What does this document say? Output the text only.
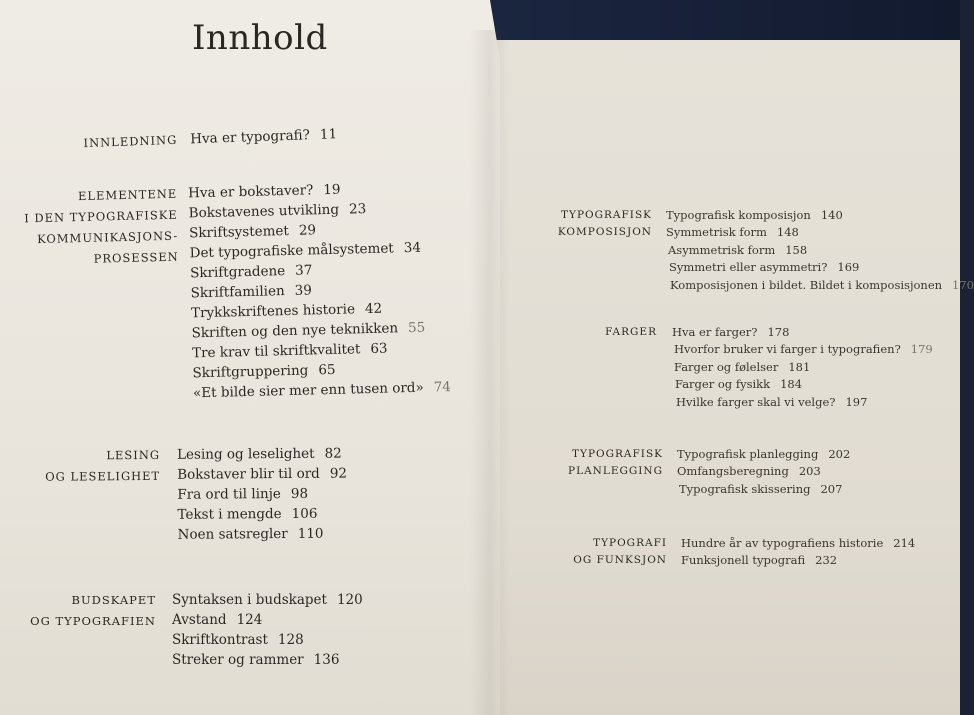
Innhold
INNLEDNING Hva er typografi? 11
ELEMENTENE
I DEN TYPOGRAFISKE
KOMMUNIKASJONS-
PROSESSEN
Hva er bokstaver? 19
Bokstavenes utvikling 23
Skriftsystemet 29
Det typografiske målsystemet 34
Skriftgradene 37
Skriftfamilien 39
Trykkskriftenes historie 42
Skriften og den nye teknikken 55
Tre krav til skriftkvalitet 63
Skriftgruppering 65
«Et bilde sier mer enn tusen ord» 74
LESING
OG LESELIGHET
Lesing og leselighet 82
Bokstaver blir til ord 92
Fra ord til linje 98
Tekst i mengde 106
Noen satsregler 110
BUDSKAPET
OG TYPOGRAFIEN
Syntaksen i budskapet 120
Avstand 124
Skriftkontrast 128
Streker og rammer 136
TYPOGRAFISK
KOMPOSISJON
Typografisk komposisjon 140
Symmetrisk form 148
Asymmetrisk form 158
Symmetri eller asymmetri? 169
Komposisjonen i bildet. Bildet i komposisjonen 170
FARGER Hva er farger? 178
Hvorfor bruker vi farger i typografien? 179
Farger og følelser 181
Farger og fysikk 184
Hvilke farger skal vi velge? 197
TYPOGRAFISK
PLANLEGGING
Typografisk planlegging 202
Omfangsberegning 203
Typografisk skissering 207
TYPOGRAFI
OG FUNKSJON
Hundre år av typografiens historie 214
Funksjonell typografi 232
